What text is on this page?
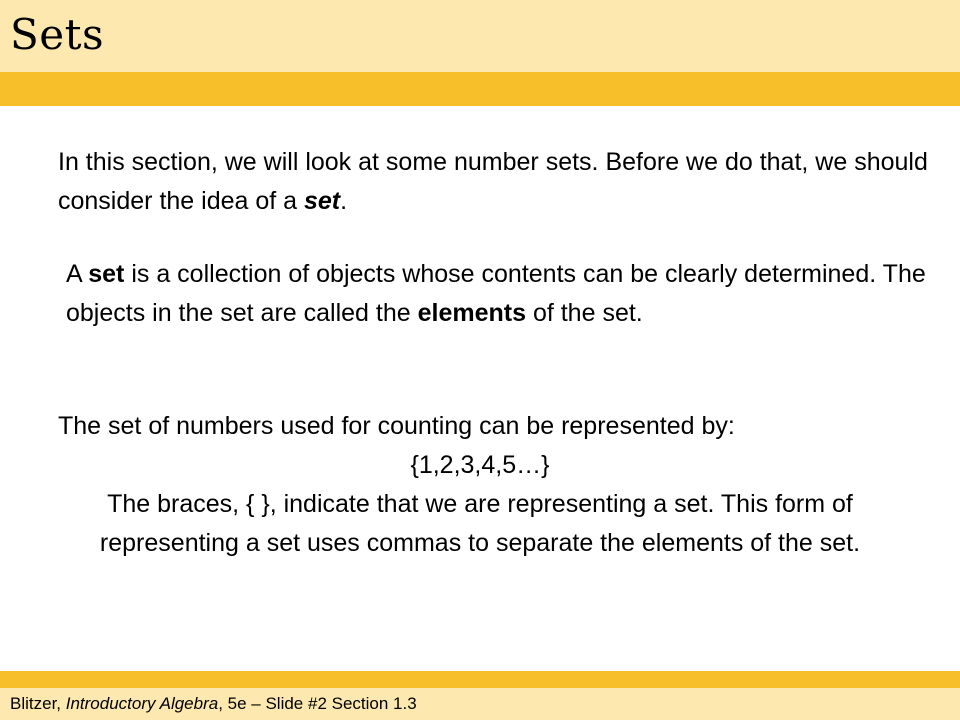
Sets

In this section, we will look at some number sets. Before we do that, we should consider the idea of a set.

A set is a collection of objects whose contents can be clearly determined. The objects in the set are called the elements of the set.

The set of numbers used for counting can be represented by:

{1,2,3,4,5…}

The braces, { }, indicate that we are representing a set. This form of representing a set uses commas to separate the elements of the set.

Blitzer, Introductory Algebra, 5e – Slide #2 Section 1.3
